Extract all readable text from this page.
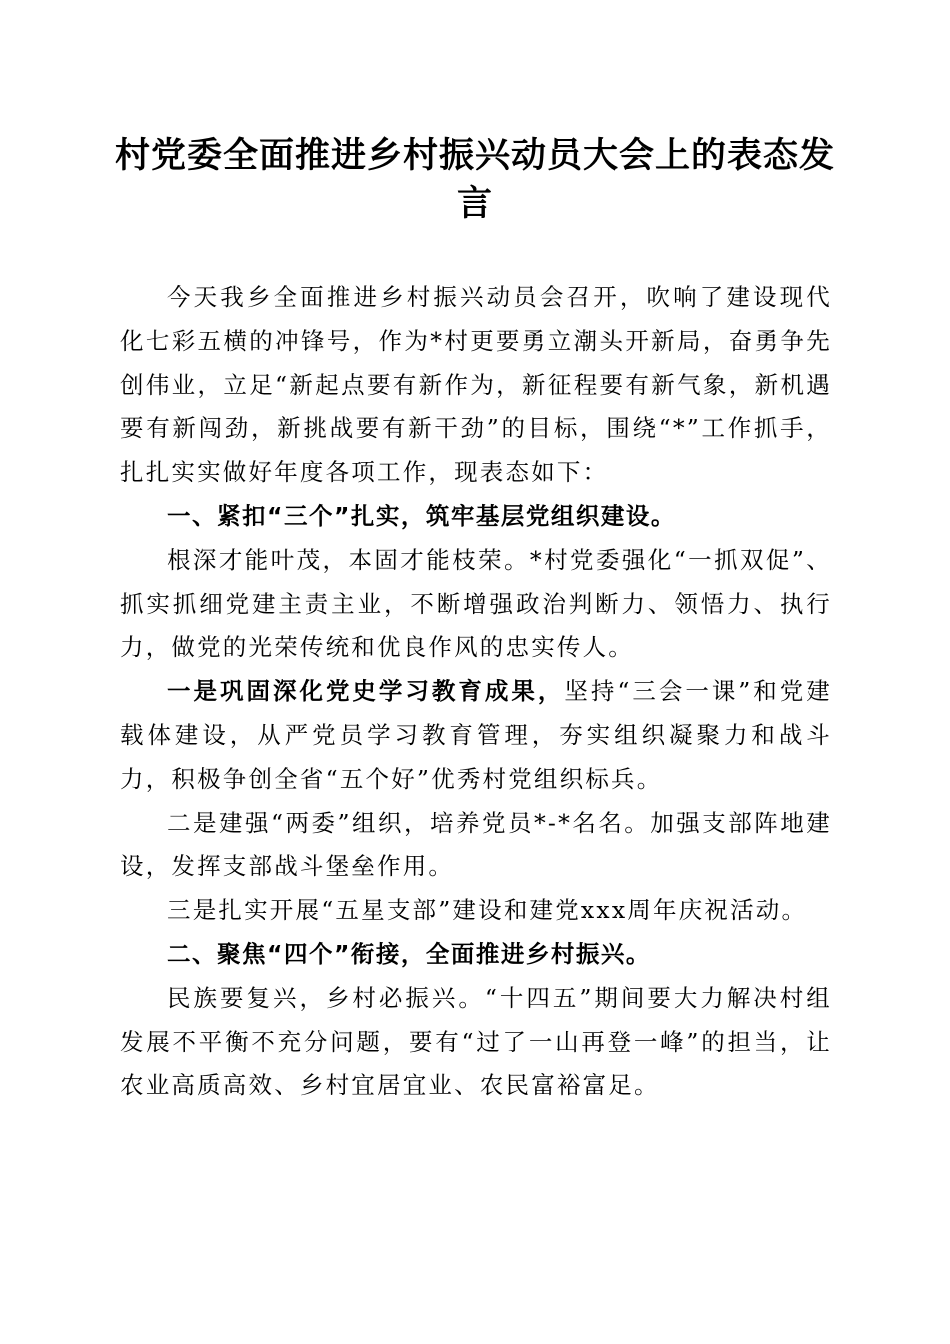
村党委全面推进乡村振兴动员大会上的表态发言

今天我乡全面推进乡村振兴动员会召开，吹响了建设现代化七彩五横的冲锋号，作为*村更要勇立潮头开新局，奋勇争先创伟业，立足“新起点要有新作为，新征程要有新气象，新机遇要有新闯劲，新挑战要有新干劲”的目标，围绕“*”工作抓手，扎扎实实做好年度各项工作，现表态如下：

一、紧扣“三个”扎实，筑牢基层党组织建设。

根深才能叶茂，本固才能枝荣。*村党委强化“一抓双促”、抓实抓细党建主责主业，不断增强政治判断力、领悟力、执行力，做党的光荣传统和优良作风的忠实传人。

一是巩固深化党史学习教育成果，坚持“三会一课”和党建载体建设，从严党员学习教育管理，夯实组织凝聚力和战斗力，积极争创全省“五个好”优秀村党组织标兵。

二是建强“两委”组织，培养党员*-*名名。加强支部阵地建设，发挥支部战斗堡垒作用。

三是扎实开展“五星支部”建设和建党xxx周年庆祝活动。

二、聚焦“四个”衔接，全面推进乡村振兴。

民族要复兴，乡村必振兴。“十四五”期间要大力解决村组发展不平衡不充分问题，要有“过了一山再登一峰”的担当，让农业高质高效、乡村宜居宜业、农民富裕富足。
